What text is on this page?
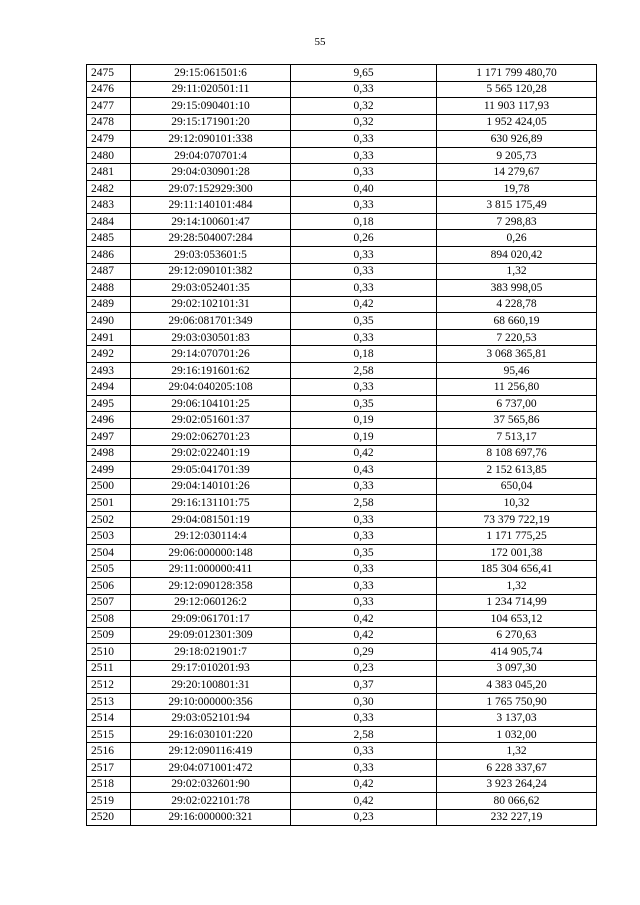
55
2475	29:15:061501:6	9,65	1 171 799 480,70
2476	29:11:020501:11	0,33	5 565 120,28
2477	29:15:090401:10	0,32	11 903 117,93
2478	29:15:171901:20	0,32	1 952 424,05
2479	29:12:090101:338	0,33	630 926,89
2480	29:04:070701:4	0,33	9 205,73
2481	29:04:030901:28	0,33	14 279,67
2482	29:07:152929:300	0,40	19,78
2483	29:11:140101:484	0,33	3 815 175,49
2484	29:14:100601:47	0,18	7 298,83
2485	29:28:504007:284	0,26	0,26
2486	29:03:053601:5	0,33	894 020,42
2487	29:12:090101:382	0,33	1,32
2488	29:03:052401:35	0,33	383 998,05
2489	29:02:102101:31	0,42	4 228,78
2490	29:06:081701:349	0,35	68 660,19
2491	29:03:030501:83	0,33	7 220,53
2492	29:14:070701:26	0,18	3 068 365,81
2493	29:16:191601:62	2,58	95,46
2494	29:04:040205:108	0,33	11 256,80
2495	29:06:104101:25	0,35	6 737,00
2496	29:02:051601:37	0,19	37 565,86
2497	29:02:062701:23	0,19	7 513,17
2498	29:02:022401:19	0,42	8 108 697,76
2499	29:05:041701:39	0,43	2 152 613,85
2500	29:04:140101:26	0,33	650,04
2501	29:16:131101:75	2,58	10,32
2502	29:04:081501:19	0,33	73 379 722,19
2503	29:12:030114:4	0,33	1 171 775,25
2504	29:06:000000:148	0,35	172 001,38
2505	29:11:000000:411	0,33	185 304 656,41
2506	29:12:090128:358	0,33	1,32
2507	29:12:060126:2	0,33	1 234 714,99
2508	29:09:061701:17	0,42	104 653,12
2509	29:09:012301:309	0,42	6 270,63
2510	29:18:021901:7	0,29	414 905,74
2511	29:17:010201:93	0,23	3 097,30
2512	29:20:100801:31	0,37	4 383 045,20
2513	29:10:000000:356	0,30	1 765 750,90
2514	29:03:052101:94	0,33	3 137,03
2515	29:16:030101:220	2,58	1 032,00
2516	29:12:090116:419	0,33	1,32
2517	29:04:071001:472	0,33	6 228 337,67
2518	29:02:032601:90	0,42	3 923 264,24
2519	29:02:022101:78	0,42	80 066,62
2520	29:16:000000:321	0,23	232 227,19
